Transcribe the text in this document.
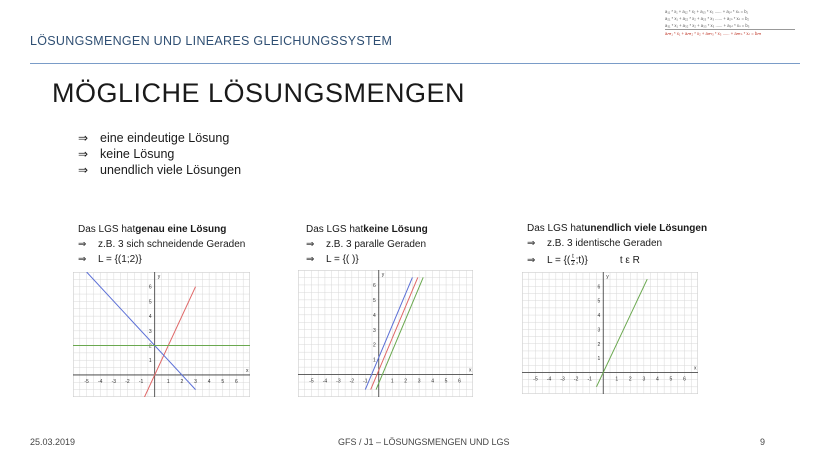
LÖSUNGSMENGEN UND LINEARES GLEICHUNGSSYSTEM
a₁₁ * x₁ + a₁₂ * x₂ + a₁₃ * x₃ ...... + a₁ₙ * xₙ = b₁
a₂₁ * x₁ + a₂₂ * x₂ + a₂₃ * x₃ ...... + a₂ₙ * xₙ = b₂
a₃₁ * x₁ + a₃₂ * x₂ + a₃₃ * x₃ ...... + a₃ₙ * xₙ = b₃
a𝘮₁ * x₁ + a𝘮₂ * x₂ + a𝘮₃ * x₃ ...... + a𝘮ₙ * xₙ = b𝘮
MÖGLICHE LÖSUNGSMENGEN
⇒ eine eindeutige Lösung
⇒ keine Lösung
⇒ unendlich viele Lösungen
Das LGS hat genau eine Lösung
⇒	z.B. 3 sich schneidende Geraden
⇒	L = {(1;2)}
Das LGS hat keine Lösung
⇒	z.B. 3 paralle Geraden
⇒	L = {( )}
Das LGS hat unendlich viele Lösungen
⇒	z.B. 3 identische Geraden
⇒	L = {( $\frac{t}{2}$ ;t)}	t ε R
-5 -4 -3 -2 -1	1 2 3 4 5 6
1
2
3
4
5
6
x
y
-5 -4 -3 -2 -1	1 2 3 4 5 6
1
2
3
4
5
6
x
y
-5 -4 -3 -2 -1	1 2 3 4 5 6
1
2
3
4
5
6
x
y
25.03.2019	GFS / J1 – LÖSUNGSMENGEN UND LGS	9
